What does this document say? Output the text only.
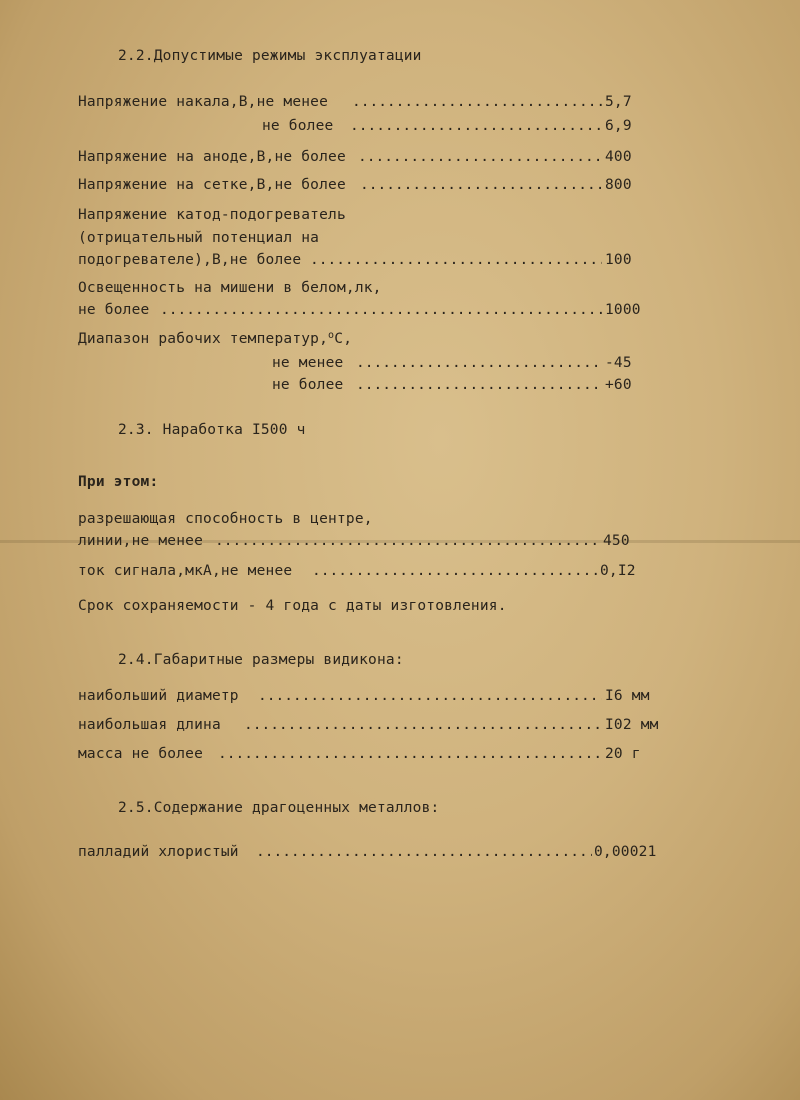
2.2.Допустимые режимы эксплуатации
Напряжение накала,В,не менее .....	5,7
не более .....	6,9
Напряжение на аноде,В,не более .....	400
Напряжение на сетке,В,не более .....	800
Напряжение катод-подогреватель
(отрицательный потенциал на
подогревателе),В,не более .....	100
Освещенность на мишени в белом,лк,
не более .....	1000
Диапазон рабочих температур,$^о$С,
не менее .....	-45
не более .....	+60
2.3. Наработка I500 ч
При этом:
разрешающая способность в центре,
линии,не менее .....	450
ток сигнала,мкА,не менее .....	0,I2
Срок сохраняемости - 4 года с даты изготовления.
2.4.Габаритные размеры видикона:
наибольший диаметр .....	I6 мм
наибольшая длина .....	I02 мм
масса не более .....	20 г
2.5.Содержание драгоценных металлов:
палладий хлористый .....	0,00021
